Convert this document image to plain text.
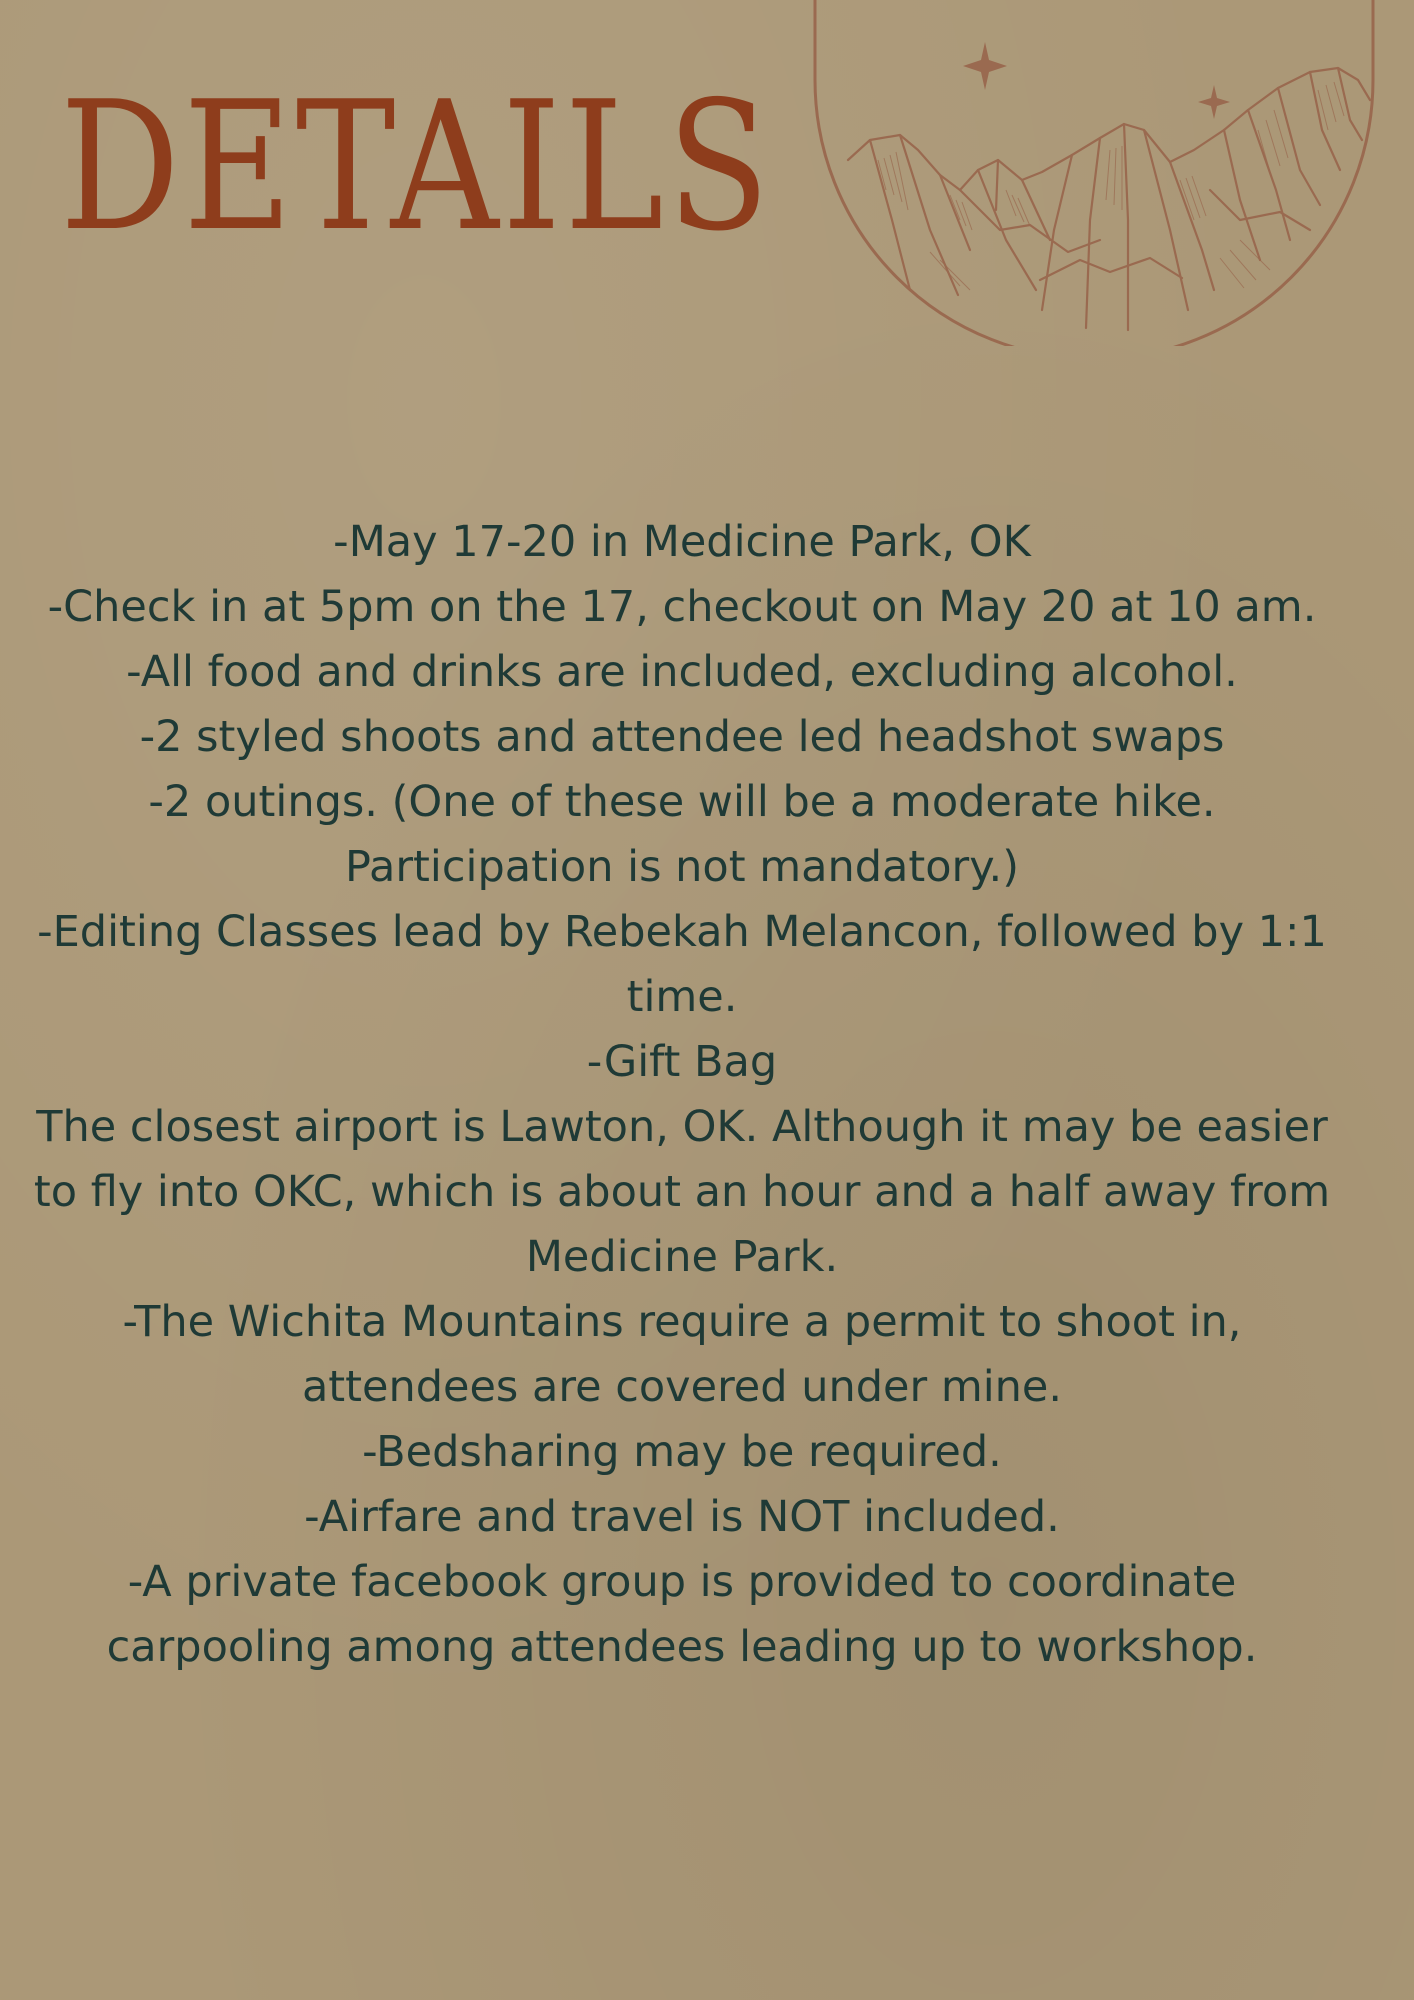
DETAILS
-May 17-20 in Medicine Park, OK
-Check in at 5pm on the 17, checkout on May 20 at 10 am.
-All food and drinks are included, excluding alcohol.
-2 styled shoots and attendee led headshot swaps
-2 outings. (One of these will be a moderate hike.
Participation is not mandatory.)
-Editing Classes lead by Rebekah Melancon, followed by 1:1
time.
-Gift Bag
The closest airport is Lawton, OK. Although it may be easier
to fly into OKC, which is about an hour and a half away from
Medicine Park.
-The Wichita Mountains require a permit to shoot in,
attendees are covered under mine.
-Bedsharing may be required.
-Airfare and travel is NOT included.
-A private facebook group is provided to coordinate
carpooling among attendees leading up to workshop.
